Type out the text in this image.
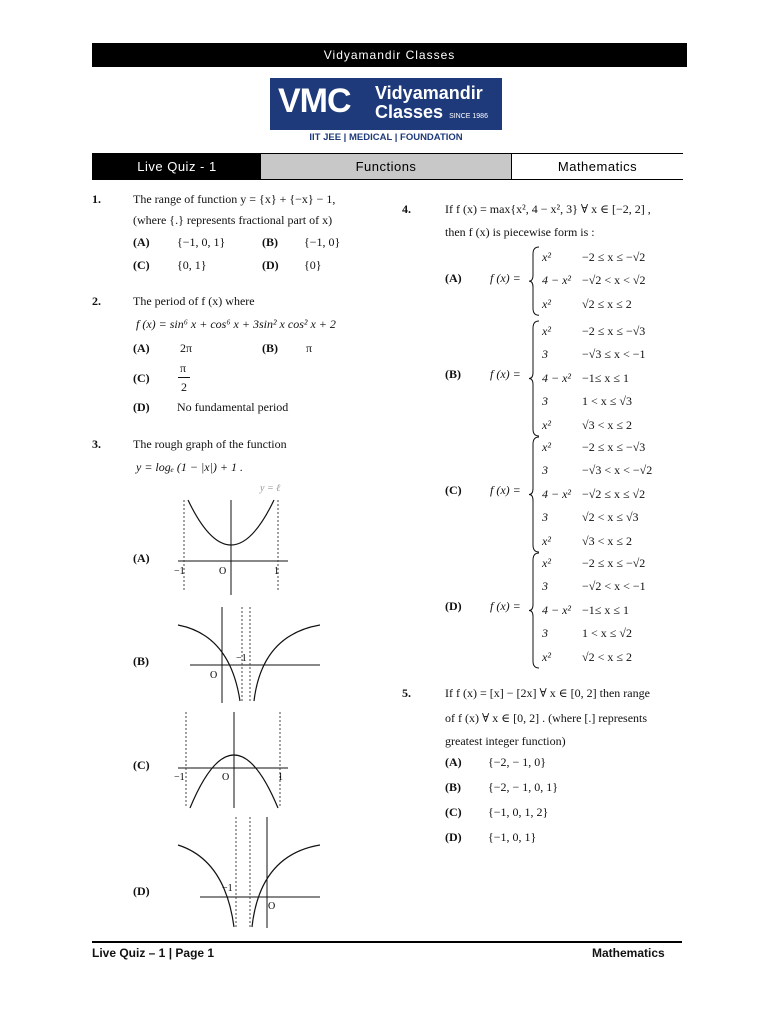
Vidyamandir Classes
VMC Vidyamandir
Classes SINCE 1986
IIT JEE | MEDICAL | FOUNDATION
Live Quiz - 1	Functions	Mathematics
1.	The range of function y = {x} + {−x} − 1,
(where {.} represents fractional part of x)
(A) {−1, 0, 1}	(B) {−1, 0}
(C) {0, 1}	(D) {0}
2.	The period of f (x) where
f (x) = sin⁶ x + cos⁶ x + 3sin² x cos² x + 2
(A)	2π	(B) π
(C)
π
2
(D) No fundamental period
3.	The rough graph of the function
y = logₑ (1 − |x|) + 1 .
(A)
y = ℓ
−1	O	1
(B)	−1
O
(C)
−1	O	1
(D)	−1
O
4.	If f (x) = max{x², 4 − x², 3} ∀ x ∈ [−2, 2] ,
then f (x) is piecewise form is :
(A) f (x) =
x²	−2 ≤ x ≤ −√2
4 − x² −√2 < x < √2
x²	√2 ≤ x ≤ 2
(B) f (x) =
x²	−2 ≤ x ≤ −√3
3	−√3 ≤ x < −1
4 − x² −1≤ x ≤ 1
3	1 < x ≤ √3
x²	√3 < x ≤ 2
(C) f (x) =
x²	−2 ≤ x ≤ −√3
3	−√3 < x < −√2
4 − x² −√2 ≤ x ≤ √2
3	√2 < x ≤ √3
x²	√3 < x ≤ 2
(D) f (x) =
x²	−2 ≤ x ≤ −√2
3	−√2 < x < −1
4 − x² −1≤ x ≤ 1
3	1 < x ≤ √2
x²	√2 < x ≤ 2
5.	If f (x) = [x] − [2x] ∀ x ∈ [0, 2] then range
of f (x) ∀ x ∈ [0, 2] . (where [.] represents
greatest integer function)
(A) {−2, − 1, 0}
(B) {−2, − 1, 0, 1}
(C) {−1, 0, 1, 2}
(D) {−1, 0, 1}
Live Quiz – 1 | Page 1	Mathematics
